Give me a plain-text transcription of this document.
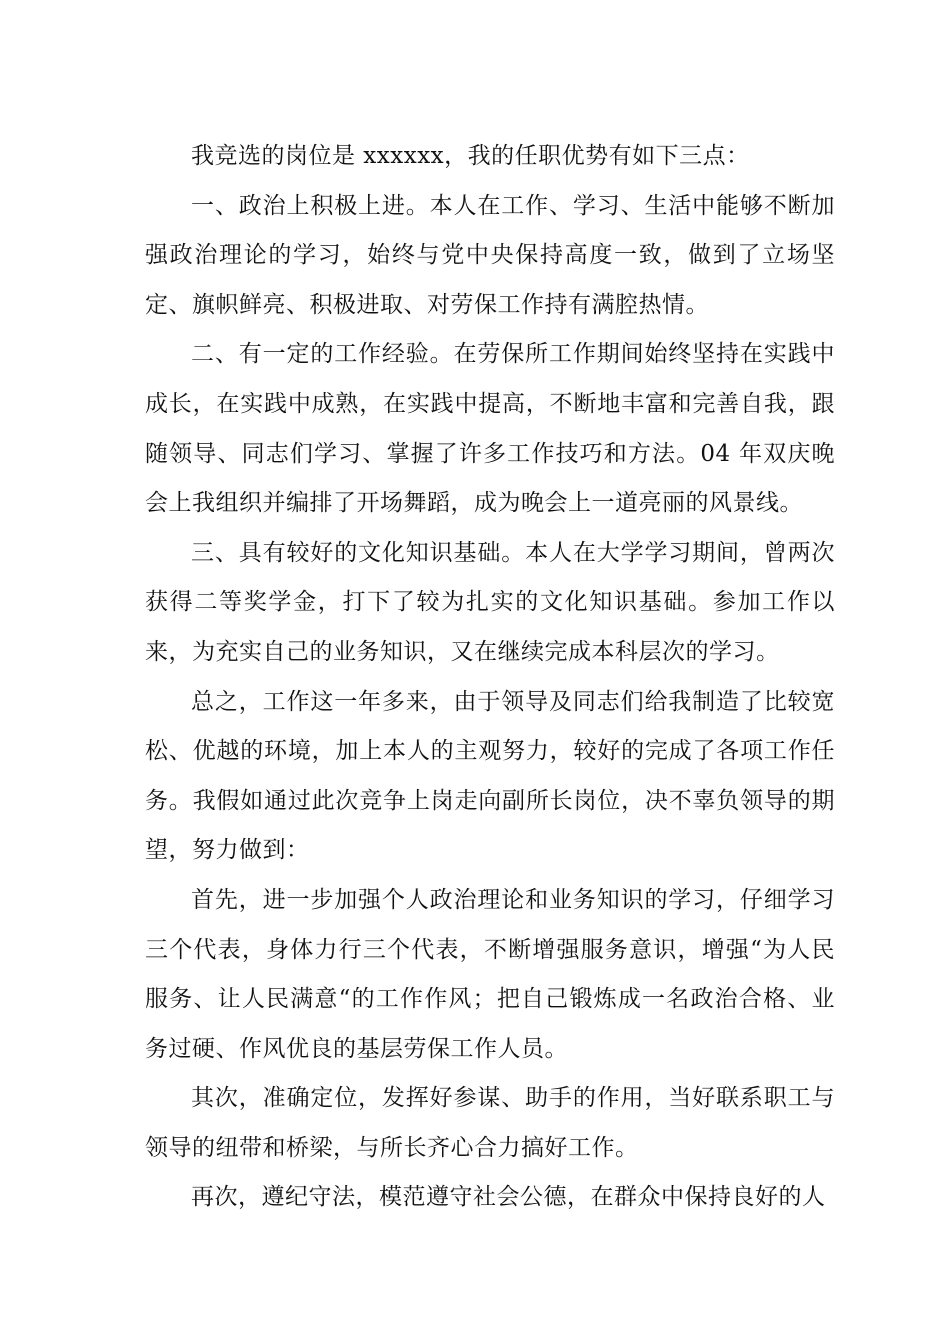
我竞选的岗位是 xxxxxx，我的任职优势有如下三点：

一、政治上积极上进。本人在工作、学习、生活中能够不断加强政治理论的学习，始终与党中央保持高度一致，做到了立场坚定、旗帜鲜亮、积极进取、对劳保工作持有满腔热情。

二、有一定的工作经验。在劳保所工作期间始终坚持在实践中成长，在实践中成熟，在实践中提高，不断地丰富和完善自我，跟随领导、同志们学习、掌握了许多工作技巧和方法。04 年双庆晚会上我组织并编排了开场舞蹈，成为晚会上一道亮丽的风景线。

三、具有较好的文化知识基础。本人在大学学习期间，曾两次获得二等奖学金，打下了较为扎实的文化知识基础。参加工作以来，为充实自己的业务知识，又在继续完成本科层次的学习。

总之，工作这一年多来，由于领导及同志们给我制造了比较宽松、优越的环境，加上本人的主观努力，较好的完成了各项工作任务。我假如通过此次竞争上岗走向副所长岗位，决不辜负领导的期望，努力做到：

首先，进一步加强个人政治理论和业务知识的学习，仔细学习三个代表，身体力行三个代表，不断增强服务意识，增强“为人民服务、让人民满意“的工作作风；把自己锻炼成一名政治合格、业务过硬、作风优良的基层劳保工作人员。

其次，准确定位，发挥好参谋、助手的作用，当好联系职工与领导的纽带和桥梁，与所长齐心合力搞好工作。

再次，遵纪守法，模范遵守社会公德，在群众中保持良好的人
